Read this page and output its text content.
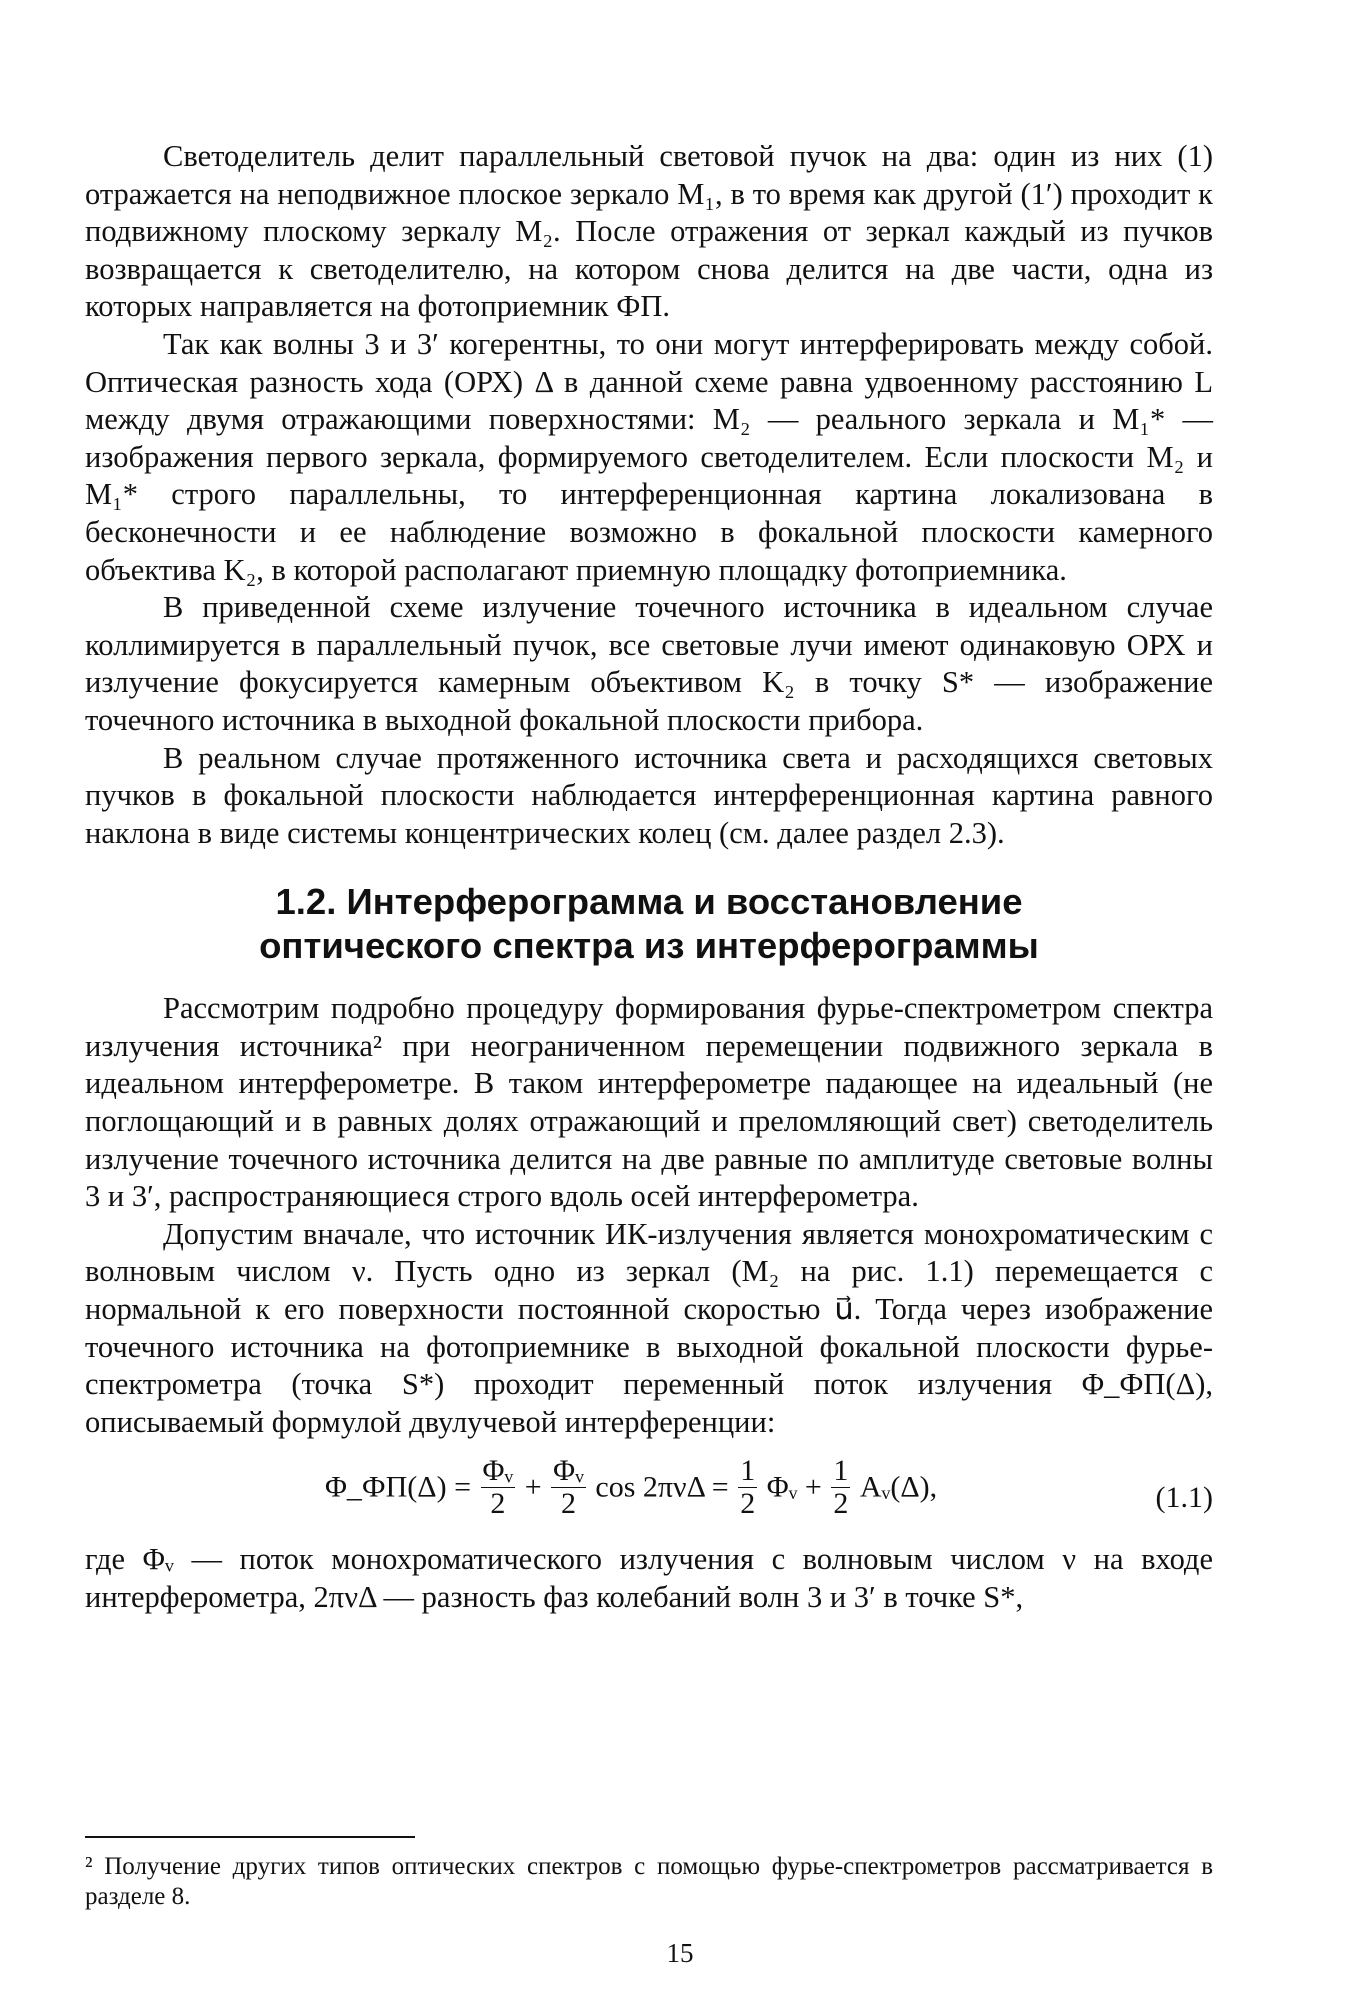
Светоделитель делит параллельный световой пучок на два: один из них (1) отражается на неподвижное плоское зеркало M₁, в то время как другой (1′) проходит к подвижному плоскому зеркалу M₂. После отражения от зеркал каждый из пучков возвращается к светоделителю, на котором снова делится на две части, одна из которых направляется на фотоприемник ФП.

Так как волны 3 и 3′ когерентны, то они могут интерферировать между собой. Оптическая разность хода (ОРХ) Δ в данной схеме равна удвоенному расстоянию L между двумя отражающими поверхностями: M₂ — реального зеркала и M₁* — изображения первого зеркала, формируемого светоделителем. Если плоскости M₂ и M₁* строго параллельны, то интерференционная картина локализована в бесконечности и ее наблюдение возможно в фокальной плоскости камерного объектива K₂, в которой располагают приемную площадку фотоприемника.

В приведенной схеме излучение точечного источника в идеальном случае коллимируется в параллельный пучок, все световые лучи имеют одинаковую ОРХ и излучение фокусируется камерным объективом K₂ в точку S* — изображение точечного источника в выходной фокальной плоскости прибора.

В реальном случае протяженного источника света и расходящихся световых пучков в фокальной плоскости наблюдается интерференционная картина равного наклона в виде системы концентрических колец (см. далее раздел 2.3).

1.2. Интерферограмма и восстановление
оптического спектра из интерферограммы

Рассмотрим подробно процедуру формирования фурье-спектрометром спектра излучения источника² при неограниченном перемещении подвижного зеркала в идеальном интерферометре. В таком интерферометре падающее на идеальный (не поглощающий и в равных долях отражающий и преломляющий свет) светоделитель излучение точечного источника делится на две равные по амплитуде световые волны 3 и 3′, распространяющиеся строго вдоль осей интерферометра.

Допустим вначале, что источник ИК-излучения является монохроматическим с волновым числом ν. Пусть одно из зеркал (M₂ на рис. 1.1) перемещается с нормальной к его поверхности постоянной скоростью u⃗. Тогда через изображение точечного источника на фотоприемнике в выходной фокальной плоскости фурье-спектрометра (точка S*) проходит переменный поток излучения Φ_ФП(Δ), описываемый формулой двулучевой интерференции:

Φ_ФП(Δ) = $\frac{\text{Φᵥ}}{2} + \frac{\text{Φᵥ}}{2}$ $\cos 2\pi\nu\Delta = \frac{1}{2}$ Φᵥ + $\frac{1}{2}$ Aᵥ(Δ),	(1.1)

где Φᵥ — поток монохроматического излучения с волновым числом ν на входе интерферометра, 2πνΔ — разность фаз колебаний волн 3 и 3′ в точке S*,

² Получение других типов оптических спектров с помощью фурье-спектрометров рассматривается в разделе 8.
15
